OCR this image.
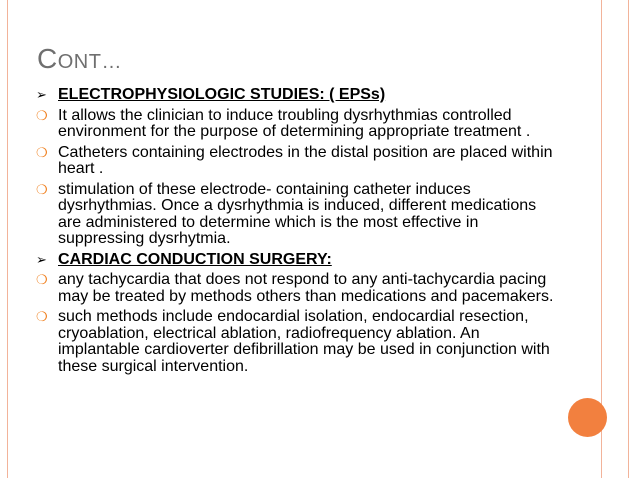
CONT…
➢ ELECTROPHYSIOLOGIC STUDIES: ( EPSs)
❍ It allows the clinician to induce troubling dysrhythmias controlled environment for the purpose of determining appropriate treatment .
❍ Catheters containing electrodes in the distal position are placed within heart .
❍ stimulation of these electrode- containing catheter induces dysrhythmias. Once a dysrhythmia is induced, different medications are administered to determine which is the most effective in suppressing dysrhytmia.
➢ CARDIAC CONDUCTION SURGERY:
❍ any tachycardia that does not respond to any anti-tachycardia pacing may be treated by methods others than medications and pacemakers.
❍ such methods include endocardial isolation, endocardial resection, cryoablation, electrical ablation, radiofrequency ablation. An implantable cardioverter defibrillation may be used in conjunction with these surgical intervention.
